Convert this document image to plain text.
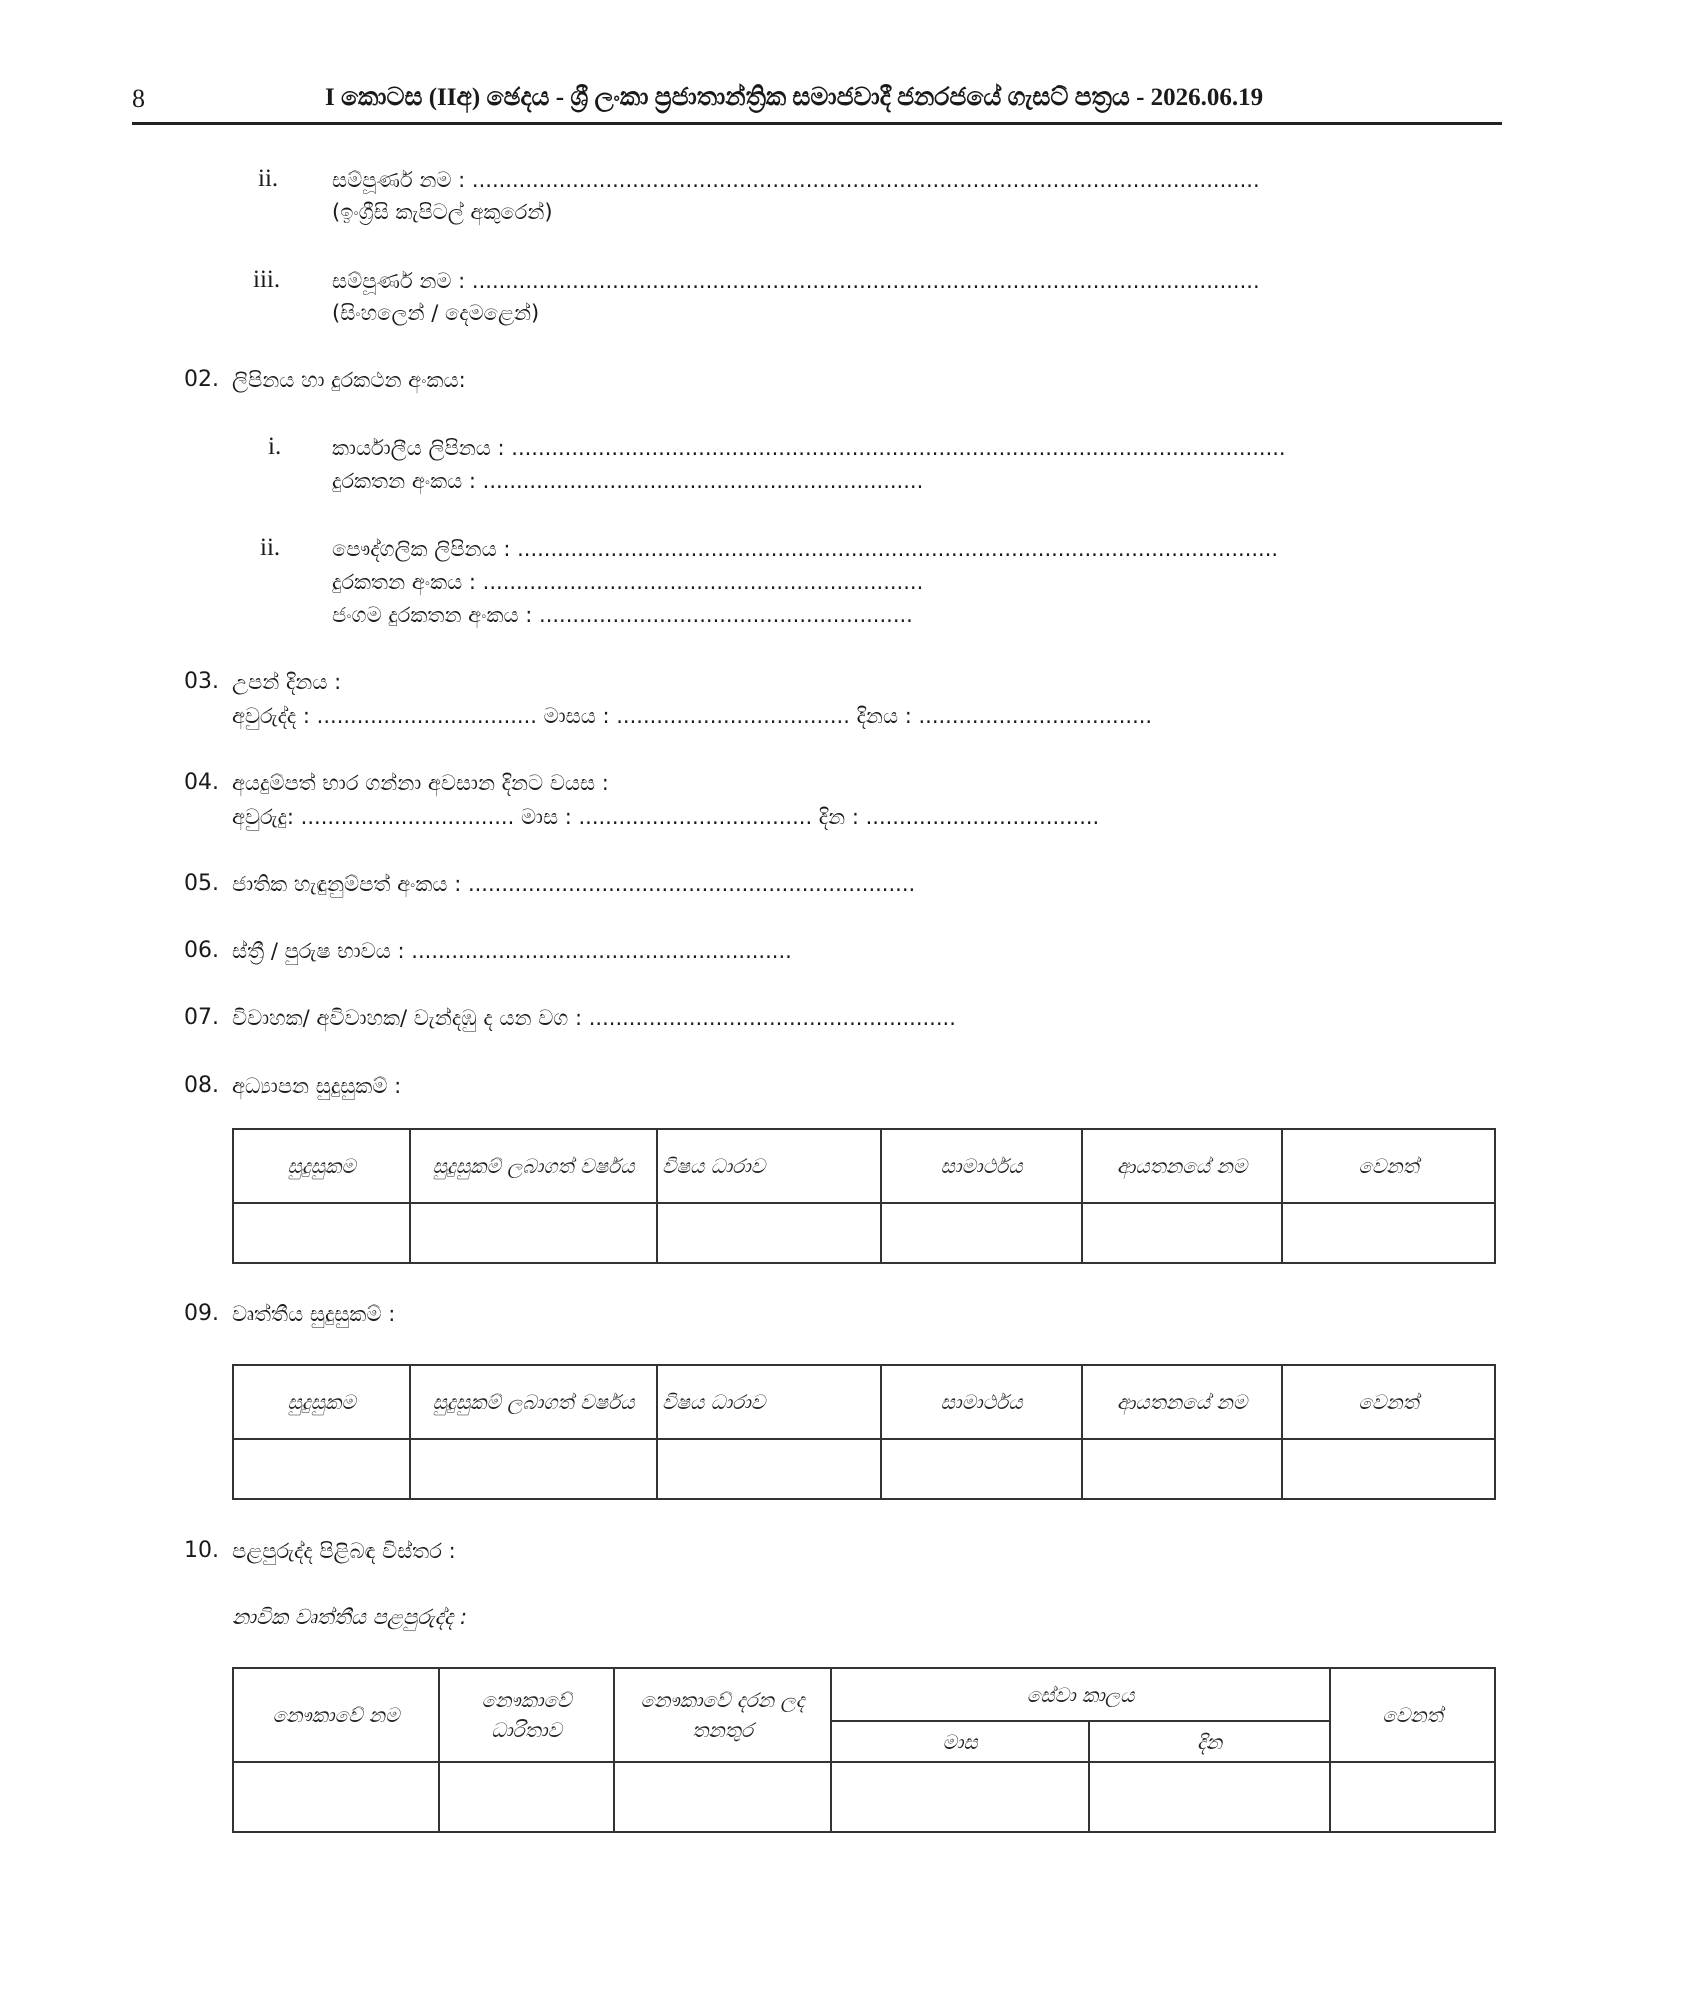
8	I කොටස (IIඅ) ඡෙදය - ශ්‍රී ලංකා ප්‍රජාතාන්ත්‍රික සමාජවාදී ජනරජයේ ගැසට් පත්‍රය - 2026.06.19
ii.	සම්පූර්ණ නම : ......................................................................................................................
(ඉංග්‍රීසි කැපිටල් අකුරෙන්)
iii. සම්පූර්ණ නම : ......................................................................................................................
(සිංහලෙන් / දෙමළෙන්)
02. ලිපිනය හා දුරකථන අංකය:
i. කාර්යාලීය ලිපිනය : ....................................................................................................................
දුරකතන අංකය : ..................................................................
ii. පෞද්ගලික ලිපිනය : ..................................................................................................................
දුරකතන අංකය : ..................................................................
ජංගම දුරකතන අංකය : ........................................................
03. උපන් දිනය :
අවුරුද්ද : ................................. මාසය : ................................... දිනය : ...................................
04. අයදුම්පත් භාර ගන්නා අවසාන දිනට වයස :
අවුරුදු: ................................ මාස : ................................... දින : ...................................
05. ජාතික හැඳුනුම්පත් අංකය : ...................................................................
06. ස්ත්‍රී / පුරුෂ භාවය : .........................................................
07. විවාහක/ අවිවාහක/ වැන්දඹු ද යන වග : .......................................................
08. අධ්‍යාපන සුදුසුකම් :
සුදුසුකම	සුදුසුකම් ලබාගත් වර්ෂය	විෂය ධාරාව	සාමාර්ථය	ආයතනයේ නම	වෙනත්

09. වෘත්තීය සුදුසුකම් :
සුදුසුකම	සුදුසුකම් ලබාගත් වර්ෂය	විෂය ධාරාව	සාමාර්ථය	ආයතනයේ නම	වෙනත්

10. පළපුරුද්ද පිළිබඳ විස්තර :
නාවික වෘත්තීය පළපුරුද්ද :
නෞකාවේ නම	නෞකාවේ ධාරිතාව	නෞකාවේ දරන ලද තනතුර	සේවා කාලය		වෙනත්
			මාස	දින	
